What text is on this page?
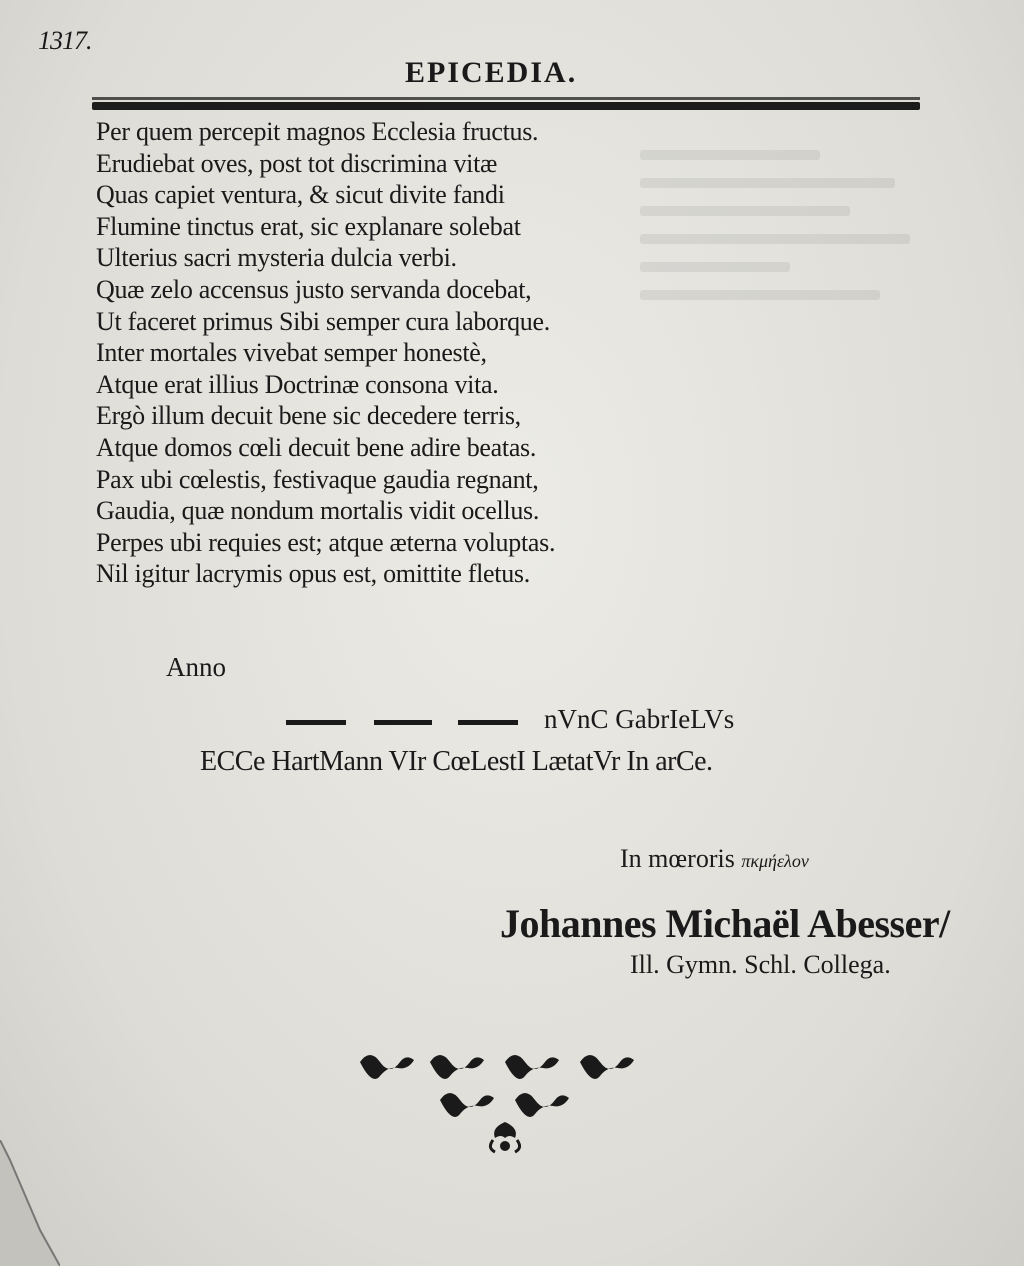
1317.
EPICEDIA.
Per quem percepit magnos Ecclesia fructus.
Erudiebat oves, post tot discrimina vitæ
Quas capiet ventura, & sicut divite fandi
Flumine tinctus erat, sic explanare solebat
Ulterius sacri mysteria dulcia verbi.
Quæ zelo accensus justo servanda docebat,
Ut faceret primus Sibi semper cura laborque.
Inter mortales vivebat semper honestè,
Atque erat illius Doctrinæ consona vita.
Ergò illum decuit bene sic decedere terris,
Atque domos cœli decuit bene adire beatas.
Pax ubi cœlestis, festivaque gaudia regnant,
Gaudia, quæ nondum mortalis vidit ocellus.
Perpes ubi requies est; atque æterna voluptas.
Nil igitur lacrymis opus est, omittite fletus.
Anno
nVnC GabrIeLVs
ECCe HartMann VIr CœLestI LætatVr In arCe.
In mœroris πκμήελον
Johannes Michaël Abesser/
Ill. Gymn. Schl. Collega.
